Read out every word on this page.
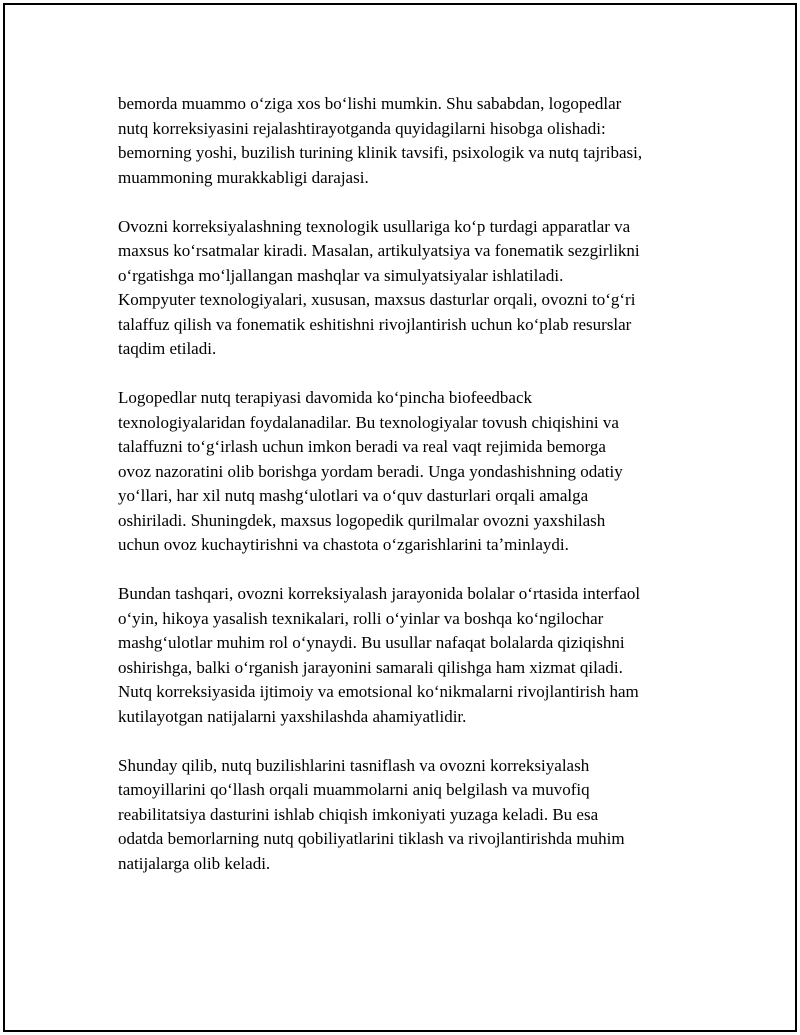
bemorda muammo oʻziga xos boʻlishi mumkin. Shu sababdan, logopedlar
nutq korreksiyasini rejalashtirayotganda quyidagilarni hisobga olishadi:
bemorning yoshi, buzilish turining klinik tavsifi, psixologik va nutq tajribasi,
muammoning murakkabligi darajasi.

Ovozni korreksiyalashning texnologik usullariga koʻp turdagi apparatlar va
maxsus koʻrsatmalar kiradi. Masalan, artikulyatsiya va fonematik sezgirlikni
oʻrgatishga moʻljallangan mashqlar va simulyatsiyalar ishlatiladi.
Kompyuter texnologiyalari, xususan, maxsus dasturlar orqali, ovozni toʻgʻri
talaffuz qilish va fonematik eshitishni rivojlantirish uchun koʻplab resurslar
taqdim etiladi.

Logopedlar nutq terapiyasi davomida koʻpincha biofeedback
texnologiyalaridan foydalanadilar. Bu texnologiyalar tovush chiqishini va
talaffuzni toʻgʻirlash uchun imkon beradi va real vaqt rejimida bemorga
ovoz nazoratini olib borishga yordam beradi. Unga yondashishning odatiy
yoʻllari, har xil nutq mashgʻulotlari va oʻquv dasturlari orqali amalga
oshiriladi. Shuningdek, maxsus logopedik qurilmalar ovozni yaxshilash
uchun ovoz kuchaytirishni va chastota oʻzgarishlarini taʼminlaydi.

Bundan tashqari, ovozni korreksiyalash jarayonida bolalar oʻrtasida interfaol
oʻyin, hikoya yasalish texnikalari, rolli oʻyinlar va boshqa koʻngilochar
mashgʻulotlar muhim rol oʻynaydi. Bu usullar nafaqat bolalarda qiziqishni
oshirishga, balki oʻrganish jarayonini samarali qilishga ham xizmat qiladi.
Nutq korreksiyasida ijtimoiy va emotsional koʻnikmalarni rivojlantirish ham
kutilayotgan natijalarni yaxshilashda ahamiyatlidir.

Shunday qilib, nutq buzilishlarini tasniflash va ovozni korreksiyalash
tamoyillarini qoʻllash orqali muammolarni aniq belgilash va muvofiq
reabilitatsiya dasturini ishlab chiqish imkoniyati yuzaga keladi. Bu esa
odatda bemorlarning nutq qobiliyatlarini tiklash va rivojlantirishda muhim
natijalarga olib keladi.
